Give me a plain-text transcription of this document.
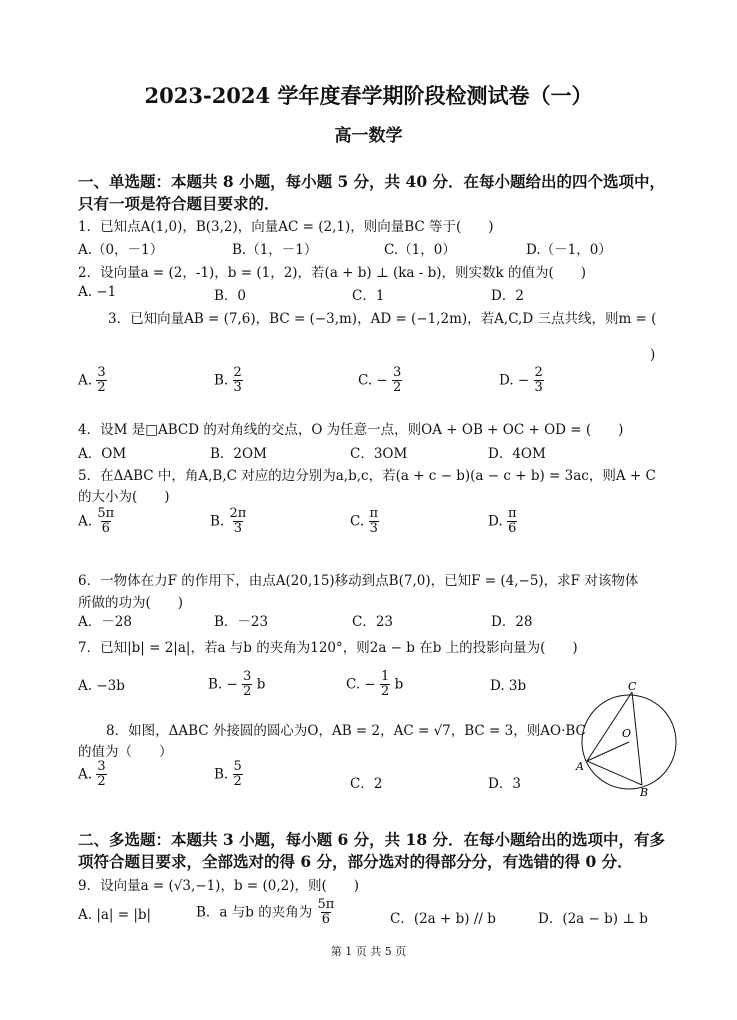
2023-2024 学年度春学期阶段检测试卷（一）
高一数学
一、单选题：本题共 8 小题，每小题 5 分，共 40 分．在每小题给出的四个选项中，
只有一项是符合题目要求的．
1．已知点A(1,0)，B(3,2)，向量AC = (2,1)，则向量BC 等于(　　)
A.（0，－1）	B.（1，－1）	C.（1，0）	D.（－1，0）
2．设向量a = (2，-1)，b = (1，2)，若(a + b) ⊥ (ka - b)，则实数k 的值为(　　)
A. −1	B．0	C．1	D．2
3．已知向量AB = (7,6)，BC = (−3,m)，AD = (−1,2m)，若A,C,D 三点共线，则m = (
)
A. $\frac{3}{2}$	B. $\frac{2}{3}$	C. − $\frac{3}{2}$	D. − $\frac{2}{3}$
4．设M 是□ABCD 的对角线的交点，O 为任意一点，则OA + OB + OC + OD = (　　)
A．OM	B．2OM	C．3OM	D．4OM
5．在ΔABC 中，角A,B,C 对应的边分别为a,b,c，若(a + c − b)(a − c + b) = 3ac，则A + C
的大小为(　　)
A. $\frac{5\pi}{6}$	B. $\frac{2\pi}{3}$	C. $\frac{\pi}{3}$	D. $\frac{\pi}{6}$
6．一物体在力F 的作用下，由点A(20,15)移动到点B(7,0)，已知F = (4,−5)，求F 对该物体
所做的功为(　　)
A．－28	B．－23	C．23	D．28
7．已知|b| = 2|a|，若a 与b 的夹角为120°，则2a − b 在b 上的投影向量为(　　)
A. −3b	B. − $\frac{3}{2}$ b	C. − $\frac{1}{2}$ b	D. 3b
8．如图，ΔABC 外接圆的圆心为O，AB = 2，AC = √7，BC = 3，则AO·BC
的值为（　　）
A. $\frac{3}{2}$	B. $\frac{5}{2}$	C．2	D．3
A
B
C
O
二、多选题：本题共 3 小题，每小题 6 分，共 18 分．在每小题给出的选项中，有多
项符合题目要求，全部选对的得 6 分，部分选对的得部分分，有选错的得 0 分．
9．设向量a = (√3,−1)，b = (0,2)，则(　　)
A. |a| = |b|	B．a 与b 的夹角为 $\frac{5\pi}{6}$	C．(2a + b) // b	D．(2a − b) ⊥ b
第 1 页 共 5 页
